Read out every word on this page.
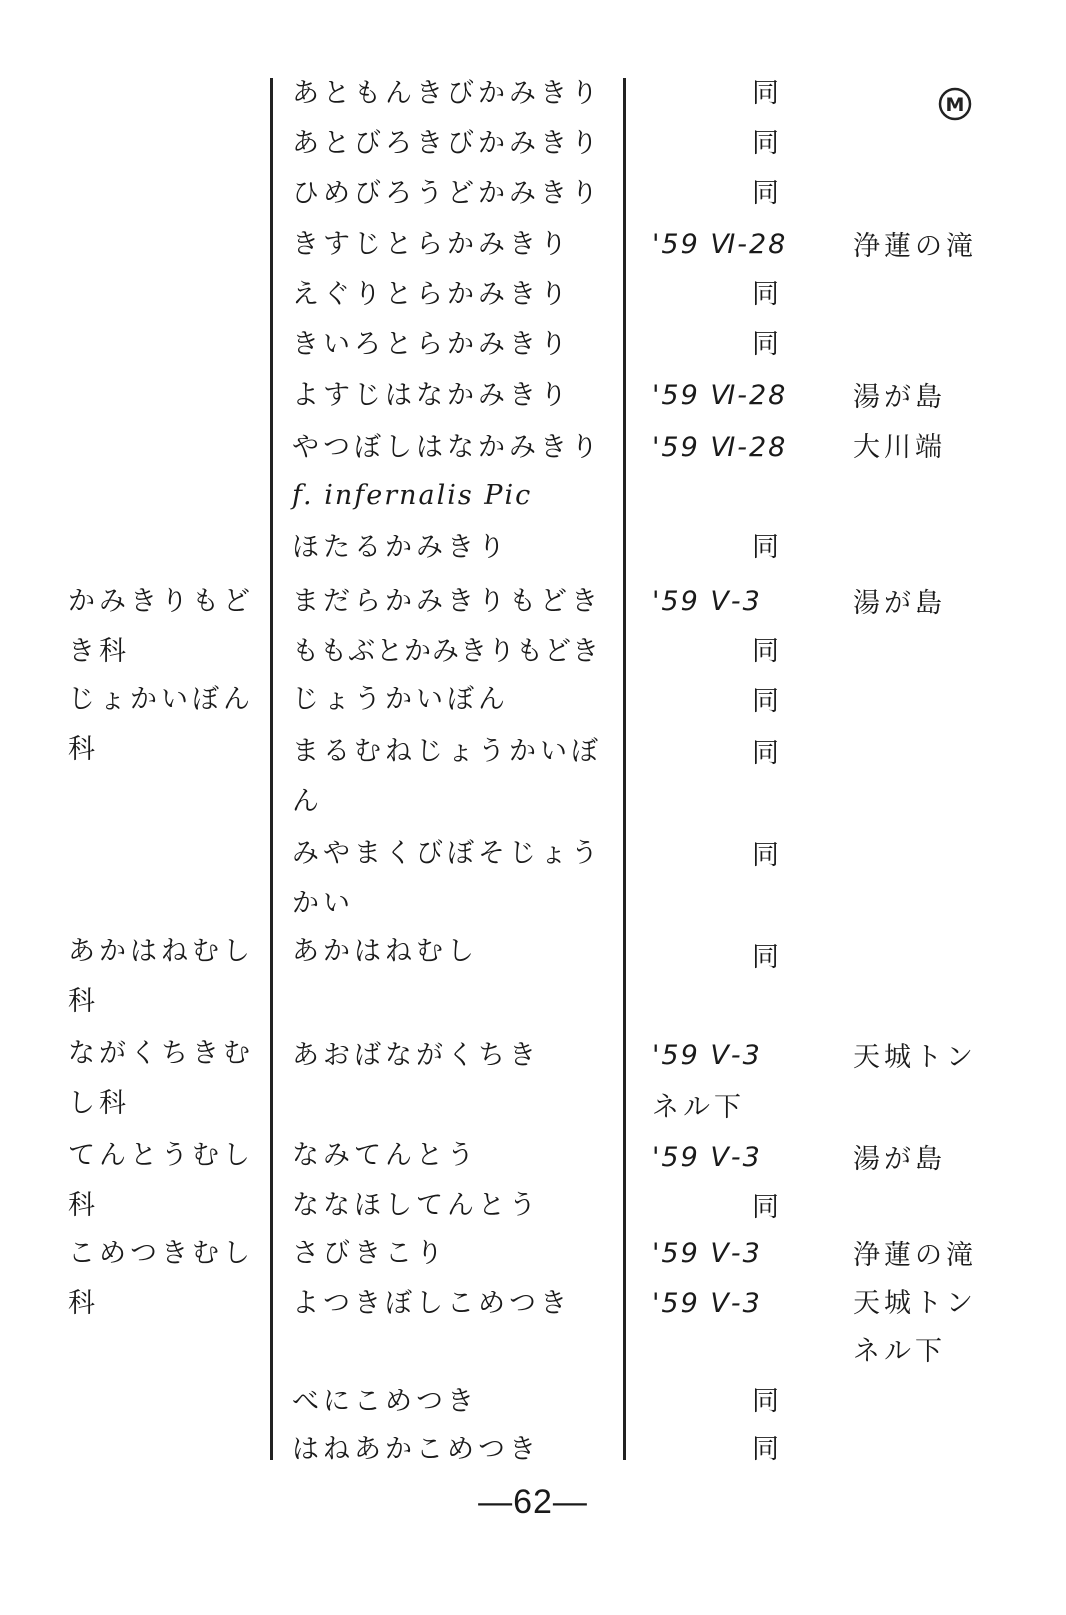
M
かみきりもど
き科
じょかいぼん
科
あかはねむし
科
ながくちきむ
し科
てんとうむし
科
こめつきむし
科
あともんきびかみきり
あとびろきびかみきり
ひめびろうどかみきり
きすじとらかみきり
えぐりとらかみきり
きいろとらかみきり
よすじはなかみきり
やつぼしはなかみきり
f. infernalis Pic
ほたるかみきり
まだらかみきりもどき
ももぶとかみきりもどき
じょうかいぼん
まるむねじょうかいぼ
ん
みやまくびぼそじょう
かい
あかはねむし
あおばながくちき
なみてんとう
ななほしてんとう
さびきこり
よつきぼしこめつき
べにこめつき
はねあかこめつき
同
同
同
同
同
同
同
同
同
同
同
同
同
同
'59 Ⅵ-28
'59 Ⅵ-28
'59 Ⅵ-28
'59 Ⅴ-3
'59 Ⅴ-3
ネル下
'59 Ⅴ-3
'59 Ⅴ-3
'59 Ⅴ-3
浄蓮の滝
湯が島
大川端
湯が島
天城トン
湯が島
浄蓮の滝
天城トン
ネル下
—62—
